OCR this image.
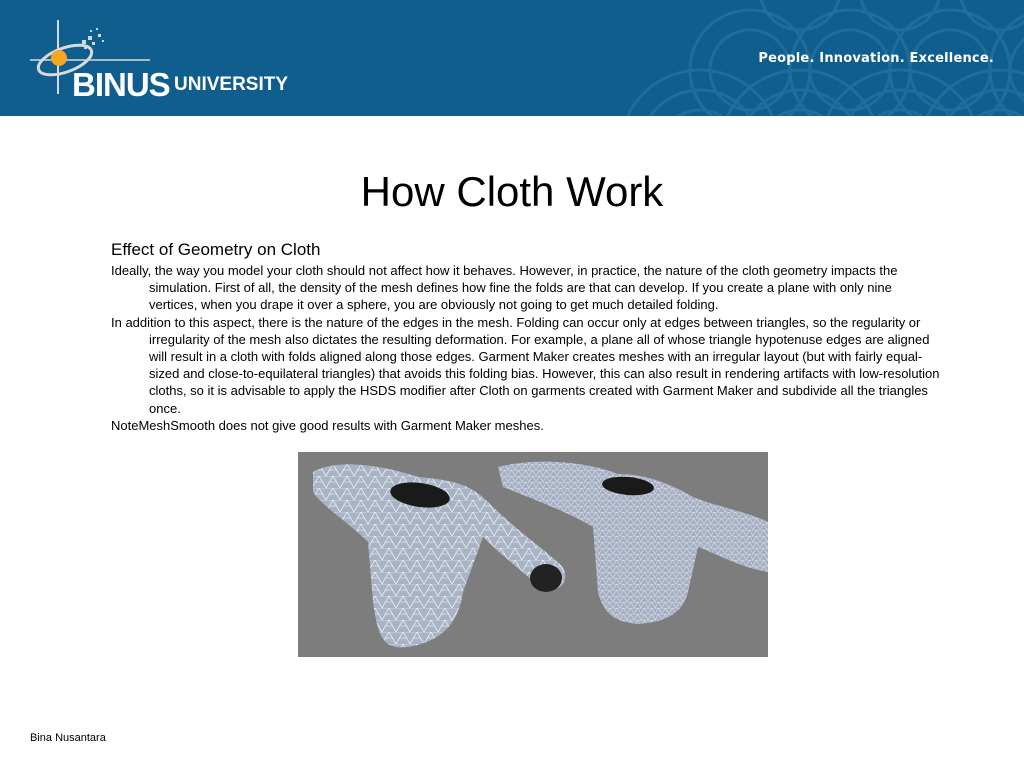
BINUS UNIVERSITY
People. Innovation. Excellence.
How Cloth Work
Effect of Geometry on Cloth
Ideally, the way you model your cloth should not affect how it behaves. However, in practice, the nature of the cloth geometry impacts the simulation. First of all, the density of the mesh defines how fine the folds are that can develop. If you create a plane with only nine vertices, when you drape it over a sphere, you are obviously not going to get much detailed folding.
In addition to this aspect, there is the nature of the edges in the mesh. Folding can occur only at edges between triangles, so the regularity or irregularity of the mesh also dictates the resulting deformation. For example, a plane all of whose triangle hypotenuse edges are aligned will result in a cloth with folds aligned along those edges. Garment Maker creates meshes with an irregular layout (but with fairly equal-sized and close-to-equilateral triangles) that avoids this folding bias. However, this can also result in rendering artifacts with low-resolution cloths, so it is advisable to apply the HSDS modifier after Cloth on garments created with Garment Maker and subdivide all the triangles once.
NoteMeshSmooth does not give good results with Garment Maker meshes.
Bina Nusantara
